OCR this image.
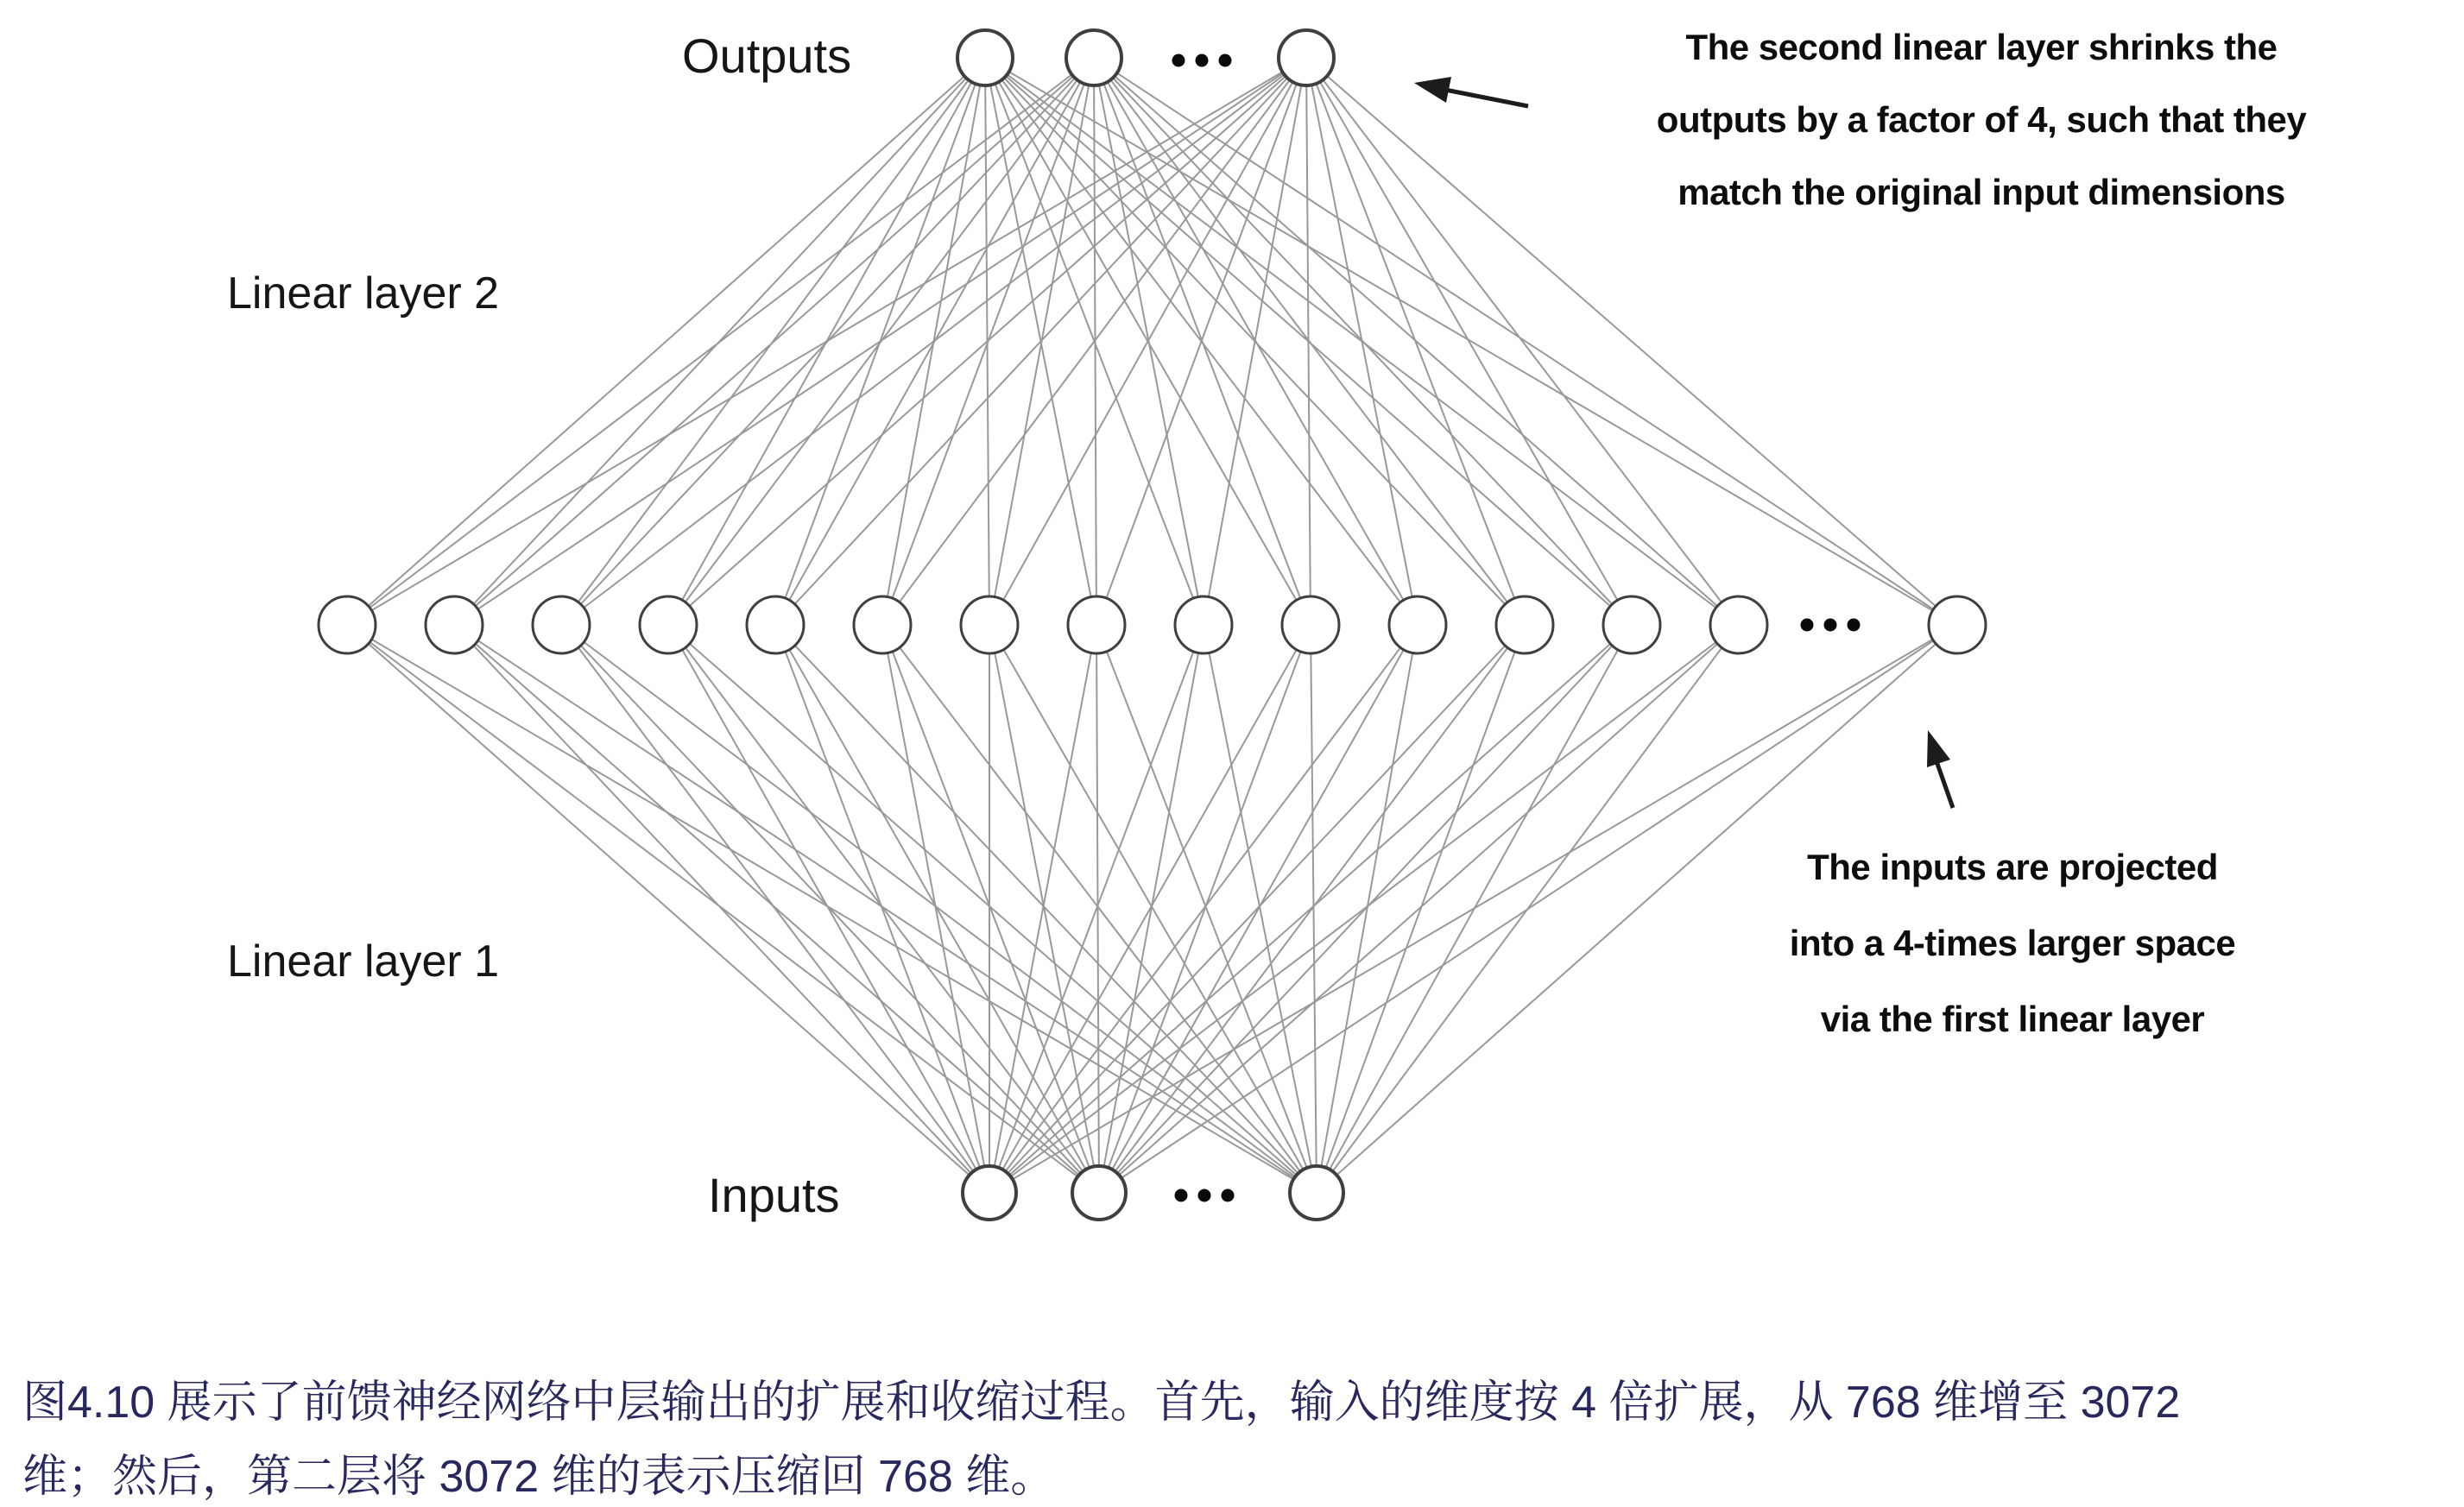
Outputs
Inputs
Linear layer 2
Linear layer 1
The second linear layer shrinks the
outputs by a factor of 4, such that they
match the original input dimensions
The inputs are projected
into a 4-times larger space
via the first linear layer
图4.10 展示了前馈神经网络中层输出的扩展和收缩过程。首先，输入的维度按 4 倍扩展，从 768 维增至 3072
维；然后，第二层将 3072 维的表示压缩回 768 维。
